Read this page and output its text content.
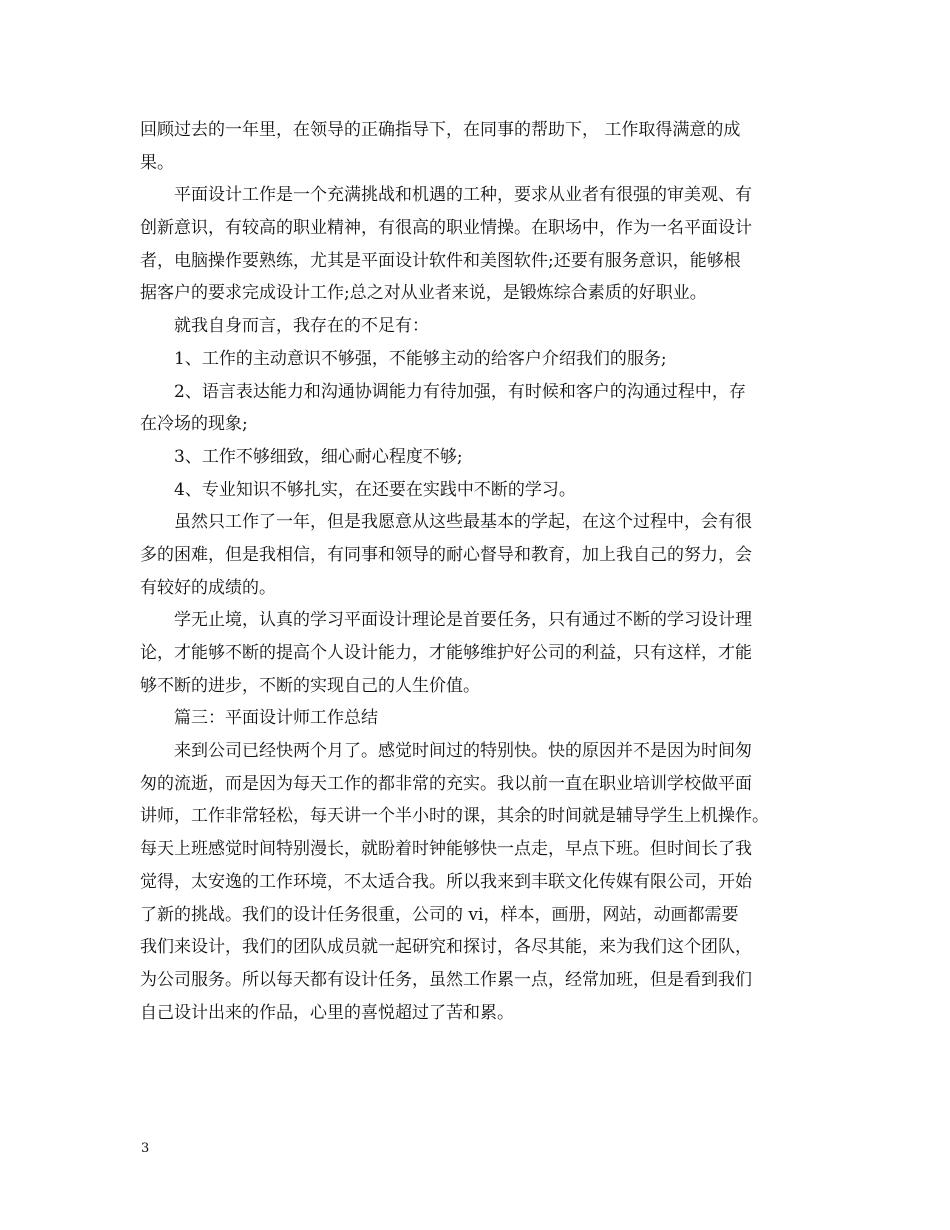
回顾过去的一年里，在领导的正确指导下，在同事的帮助下， 工作取得满意的成
果。
平面设计工作是一个充满挑战和机遇的工种，要求从业者有很强的审美观、有
创新意识，有较高的职业精神，有很高的职业情操。在职场中，作为一名平面设计
者，电脑操作要熟练，尤其是平面设计软件和美图软件;还要有服务意识，能够根
据客户的要求完成设计工作;总之对从业者来说，是锻炼综合素质的好职业。
就我自身而言，我存在的不足有：
1、工作的主动意识不够强，不能够主动的给客户介绍我们的服务;
2、语言表达能力和沟通协调能力有待加强，有时候和客户的沟通过程中，存
在冷场的现象;
3、工作不够细致，细心耐心程度不够;
4、专业知识不够扎实，在还要在实践中不断的学习。
虽然只工作了一年，但是我愿意从这些最基本的学起，在这个过程中，会有很
多的困难，但是我相信，有同事和领导的耐心督导和教育，加上我自己的努力，会
有较好的成绩的。
学无止境，认真的学习平面设计理论是首要任务，只有通过不断的学习设计理
论，才能够不断的提高个人设计能力，才能够维护好公司的利益，只有这样，才能
够不断的进步，不断的实现自己的人生价值。
篇三：平面设计师工作总结
来到公司已经快两个月了。感觉时间过的特别快。快的原因并不是因为时间匆
匆的流逝，而是因为每天工作的都非常的充实。我以前一直在职业培训学校做平面
讲师，工作非常轻松，每天讲一个半小时的课，其余的时间就是辅导学生上机操作。
每天上班感觉时间特别漫长，就盼着时钟能够快一点走，早点下班。但时间长了我
觉得，太安逸的工作环境，不太适合我。所以我来到丰联文化传媒有限公司，开始
了新的挑战。我们的设计任务很重，公司的 vi，样本，画册，网站，动画都需要
我们来设计，我们的团队成员就一起研究和探讨，各尽其能，来为我们这个团队，
为公司服务。所以每天都有设计任务，虽然工作累一点，经常加班，但是看到我们
自己设计出来的作品，心里的喜悦超过了苦和累。
3
